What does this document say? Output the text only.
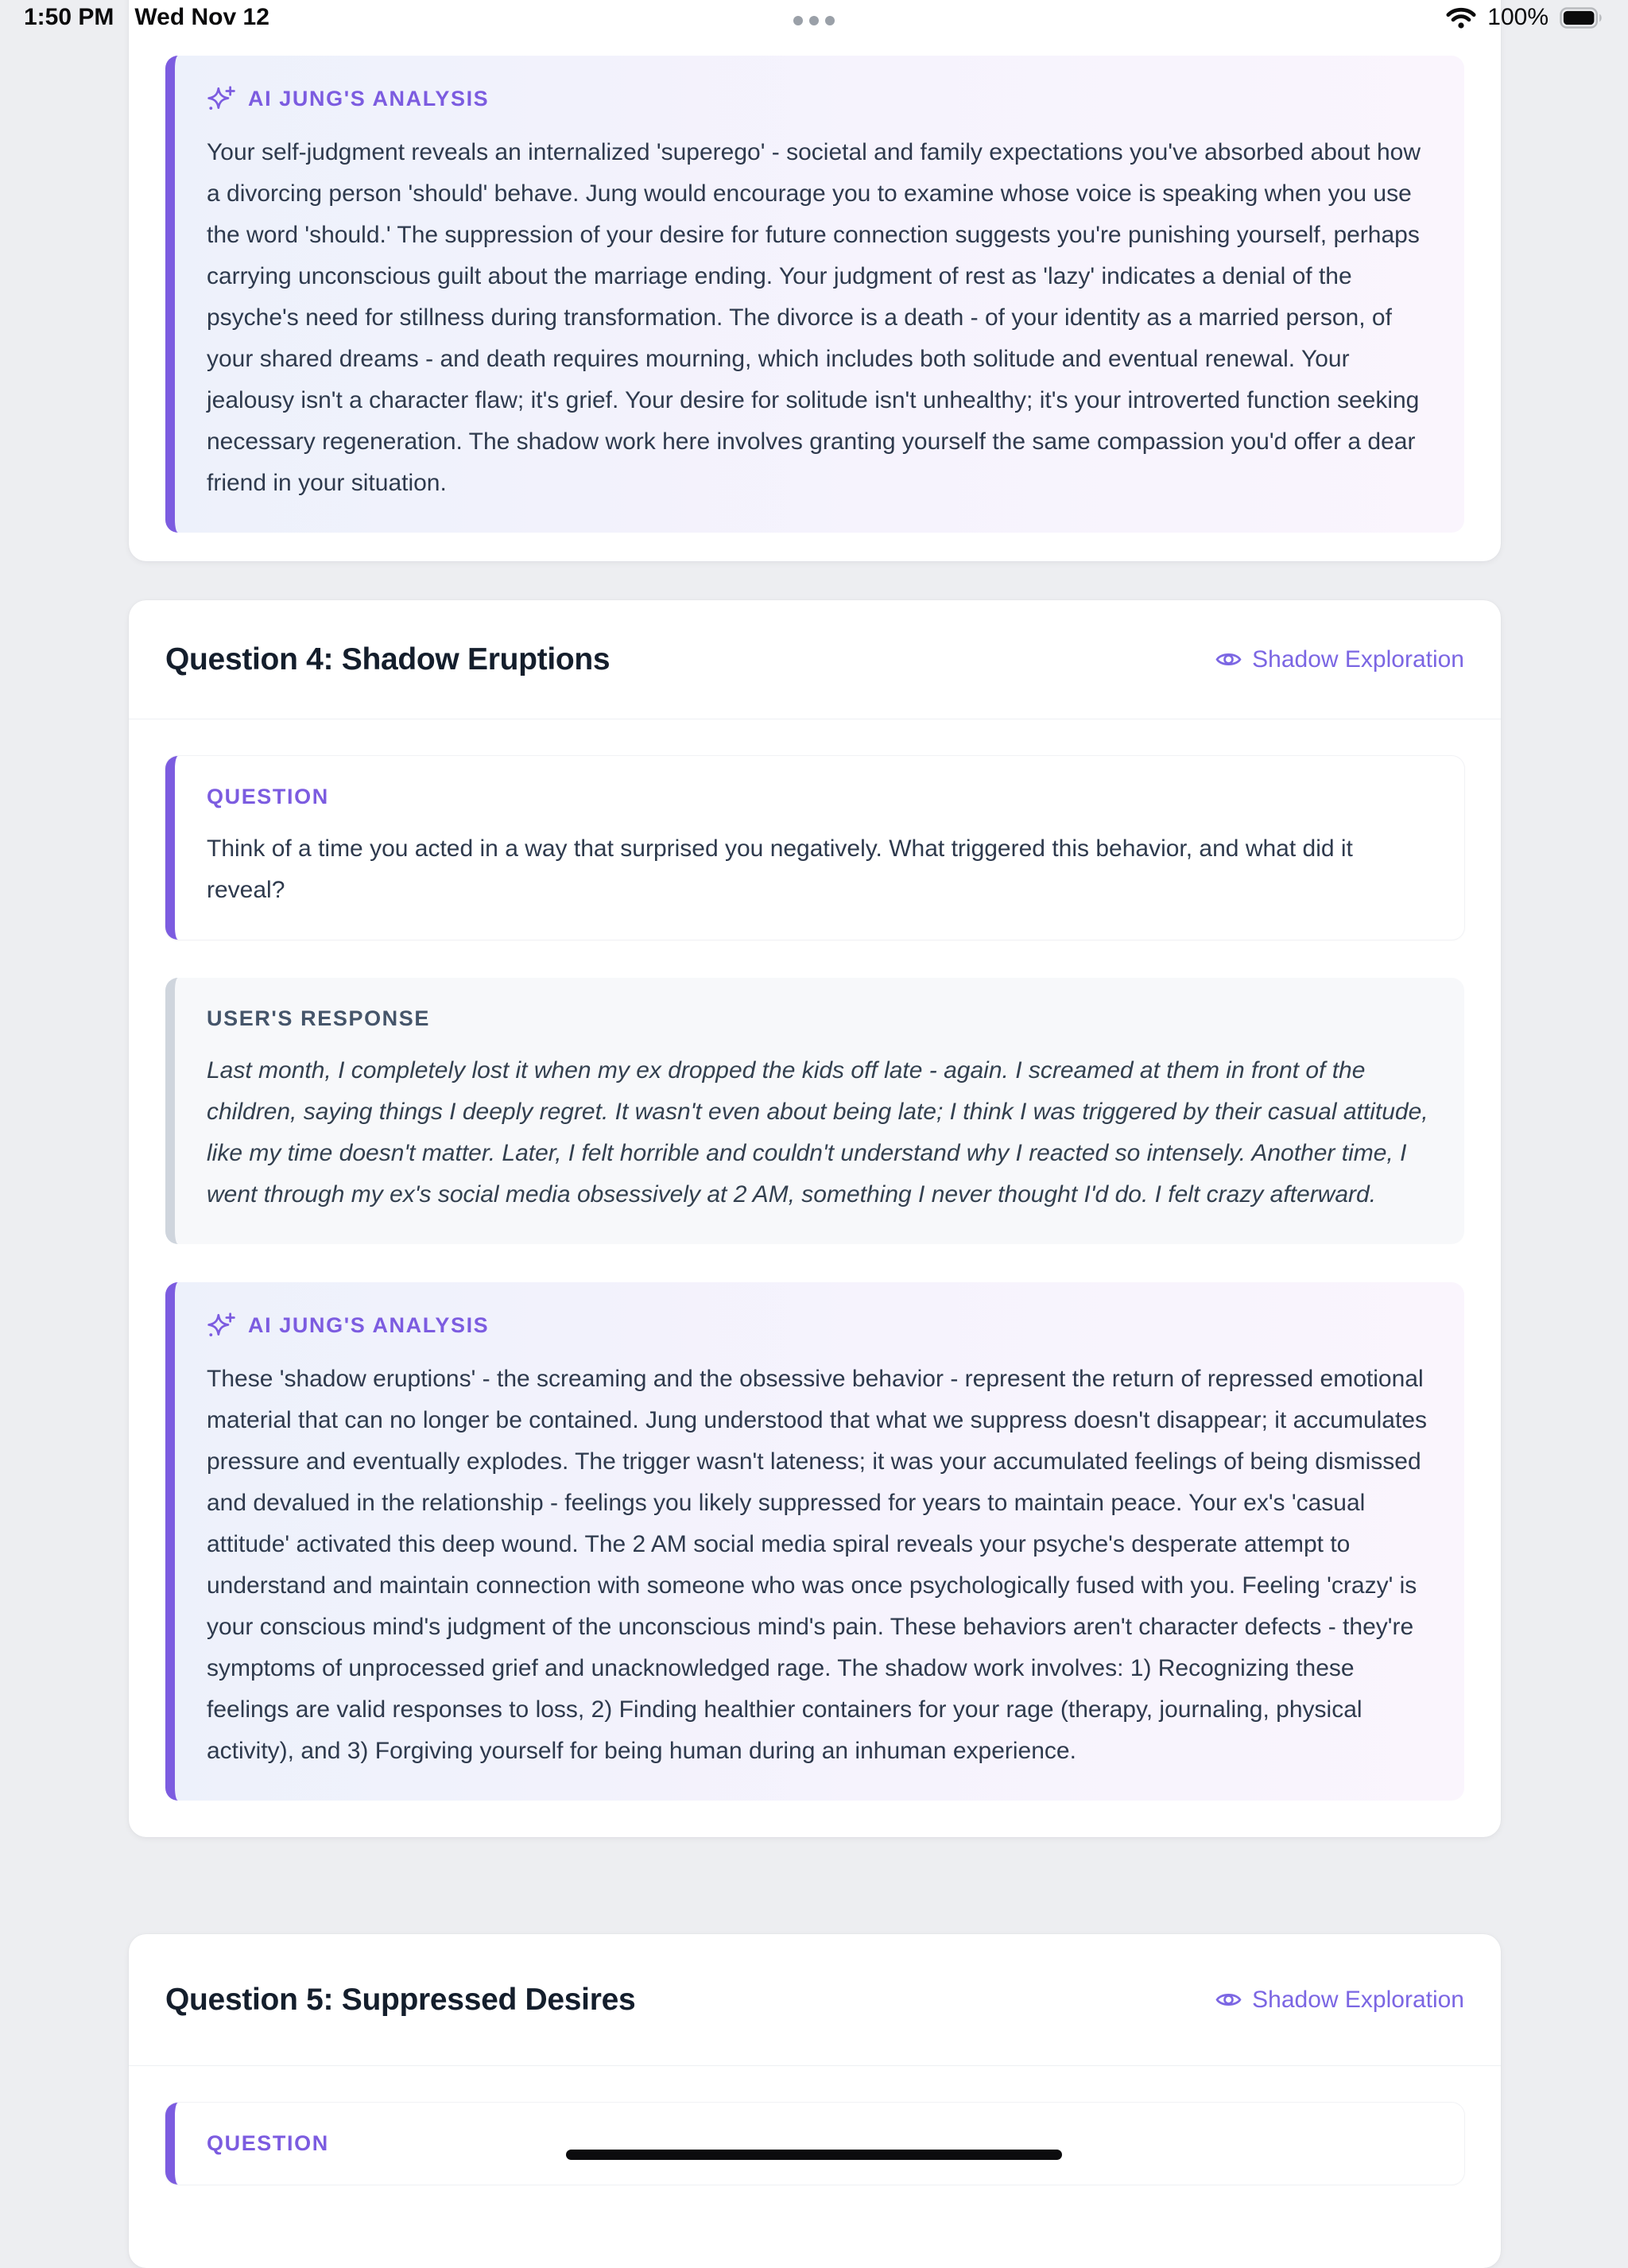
1:50 PM Wed Nov 12	100%
AI JUNG'S ANALYSIS
Your self-judgment reveals an internalized 'superego' - societal and family expectations you've absorbed about how a divorcing person 'should' behave. Jung would encourage you to examine whose voice is speaking when you use the word 'should.' The suppression of your desire for future connection suggests you're punishing yourself, perhaps carrying unconscious guilt about the marriage ending. Your judgment of rest as 'lazy' indicates a denial of the psyche's need for stillness during transformation. The divorce is a death - of your identity as a married person, of your shared dreams - and death requires mourning, which includes both solitude and eventual renewal. Your jealousy isn't a character flaw; it's grief. Your desire for solitude isn't unhealthy; it's your introverted function seeking necessary regeneration. The shadow work here involves granting yourself the same compassion you'd offer a dear friend in your situation.
Question 4: Shadow Eruptions	Shadow Exploration
QUESTION
Think of a time you acted in a way that surprised you negatively. What triggered this behavior, and what did it reveal?
USER'S RESPONSE
Last month, I completely lost it when my ex dropped the kids off late - again. I screamed at them in front of the children, saying things I deeply regret. It wasn't even about being late; I think I was triggered by their casual attitude, like my time doesn't matter. Later, I felt horrible and couldn't understand why I reacted so intensely. Another time, I went through my ex's social media obsessively at 2 AM, something I never thought I'd do. I felt crazy afterward.
AI JUNG'S ANALYSIS
These 'shadow eruptions' - the screaming and the obsessive behavior - represent the return of repressed emotional material that can no longer be contained. Jung understood that what we suppress doesn't disappear; it accumulates pressure and eventually explodes. The trigger wasn't lateness; it was your accumulated feelings of being dismissed and devalued in the relationship - feelings you likely suppressed for years to maintain peace. Your ex's 'casual attitude' activated this deep wound. The 2 AM social media spiral reveals your psyche's desperate attempt to understand and maintain connection with someone who was once psychologically fused with you. Feeling 'crazy' is your conscious mind's judgment of the unconscious mind's pain. These behaviors aren't character defects - they're symptoms of unprocessed grief and unacknowledged rage. The shadow work involves: 1) Recognizing these feelings are valid responses to loss, 2) Finding healthier containers for your rage (therapy, journaling, physical activity), and 3) Forgiving yourself for being human during an inhuman experience.
Question 5: Suppressed Desires	Shadow Exploration
QUESTION
